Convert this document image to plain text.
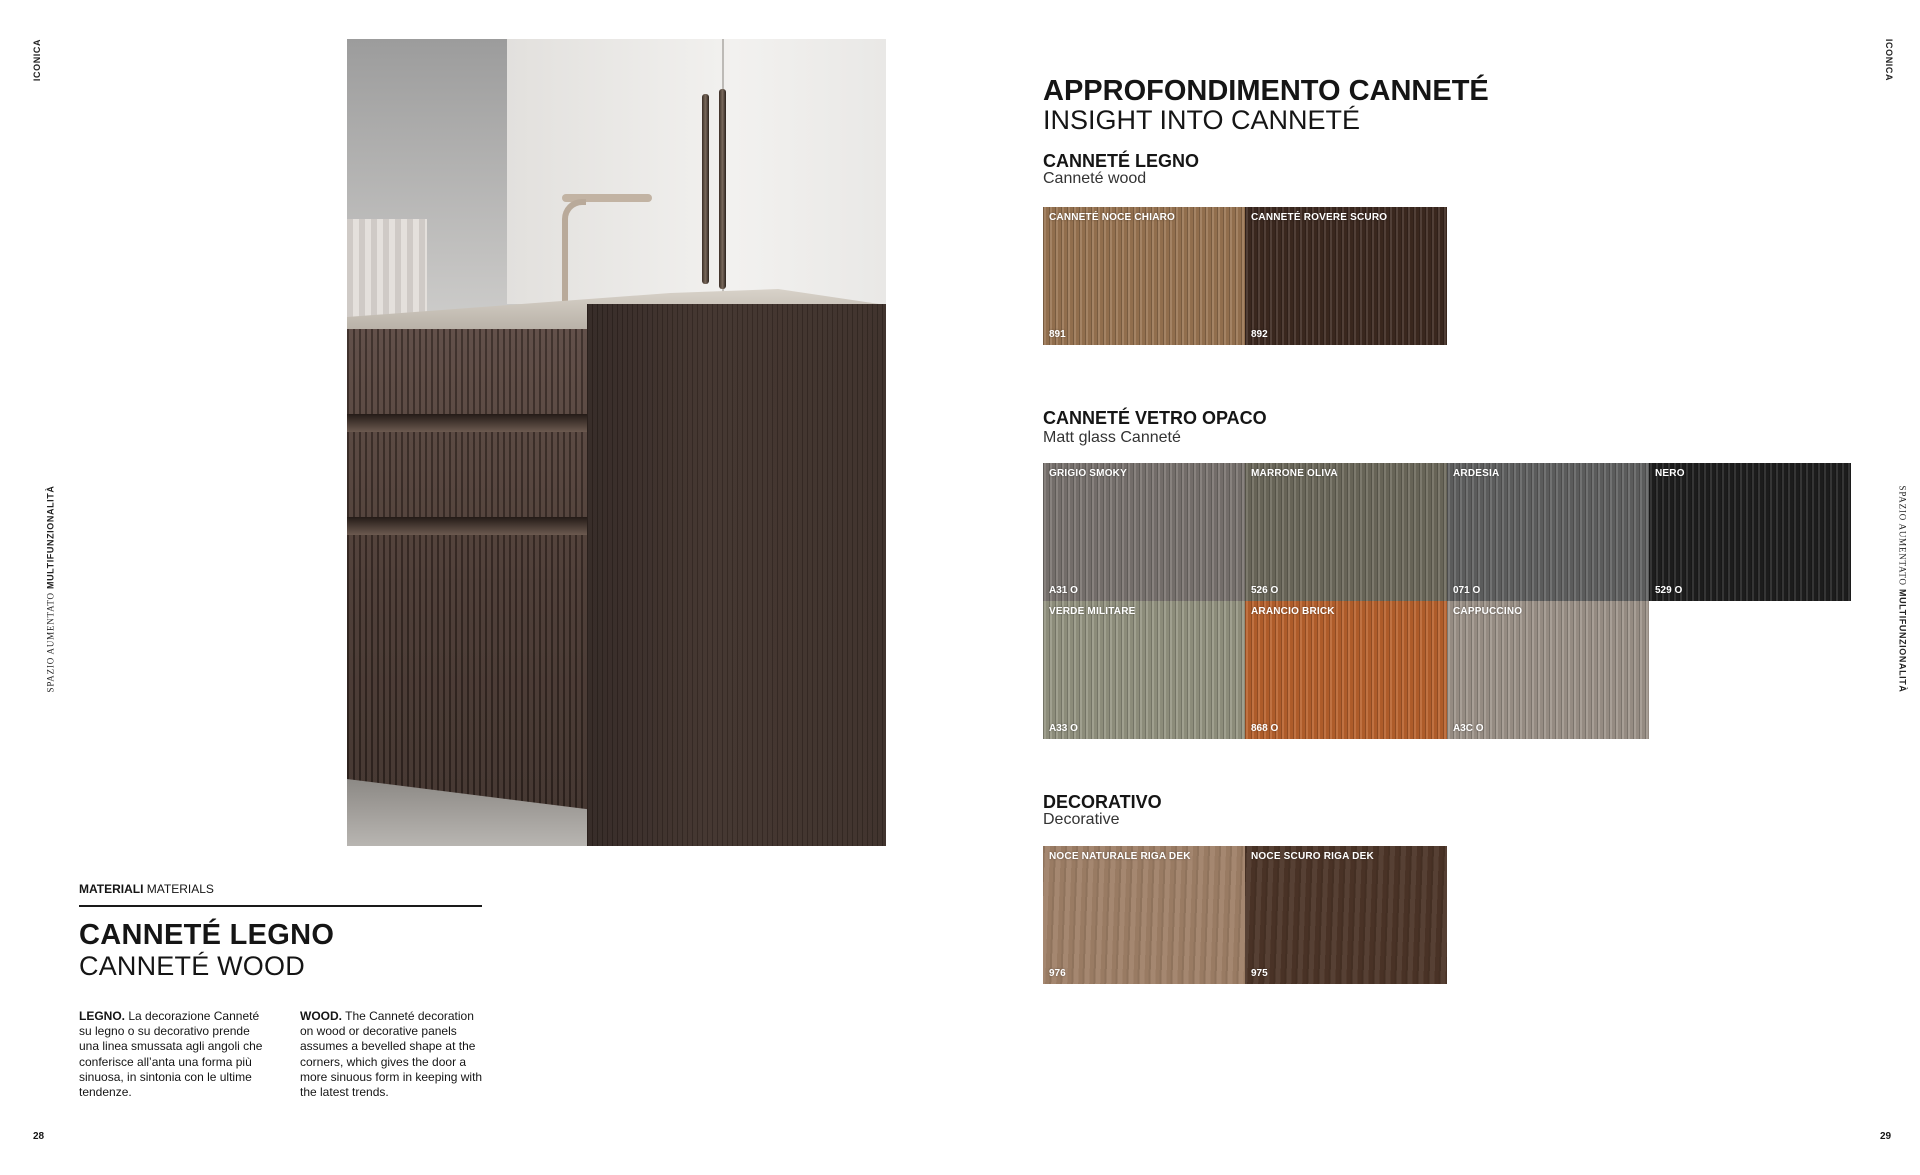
ICONICA	ICONICA
SPAZIO AUMENTATO MULTIFUNZIONALITÀ	SPAZIO AUMENTATO MULTIFUNZIONALITÀ
28	29
MATERIALI MATERIALS
CANNETÉ LEGNO
CANNETÉ WOOD
LEGNO. La decorazione Canneté su legno o su decorativo prende una linea smussata agli angoli che conferisce all’anta una forma più sinuosa, in sintonia con le ultime tendenze.
WOOD. The Canneté decoration on wood or decorative panels assumes a bevelled shape at the corners, which gives the door a more sinuous form in keeping with the latest trends.
APPROFONDIMENTO CANNETÉ
INSIGHT INTO CANNETÉ
CANNETÉ LEGNO
Canneté wood
CANNETÉ VETRO OPACO
Matt glass Canneté
DECORATIVO
Decorative
CANNETÉ NOCE CHIARO
891
CANNETÉ ROVERE SCURO
892
GRIGIO SMOKY
A31 O
MARRONE OLIVA
526 O
ARDESIA
071 O
NERO
529 O
VERDE MILITARE
A33 O
ARANCIO BRICK
868 O
CAPPUCCINO
A3C O
NOCE NATURALE RIGA DEK
976
NOCE SCURO RIGA DEK
975
